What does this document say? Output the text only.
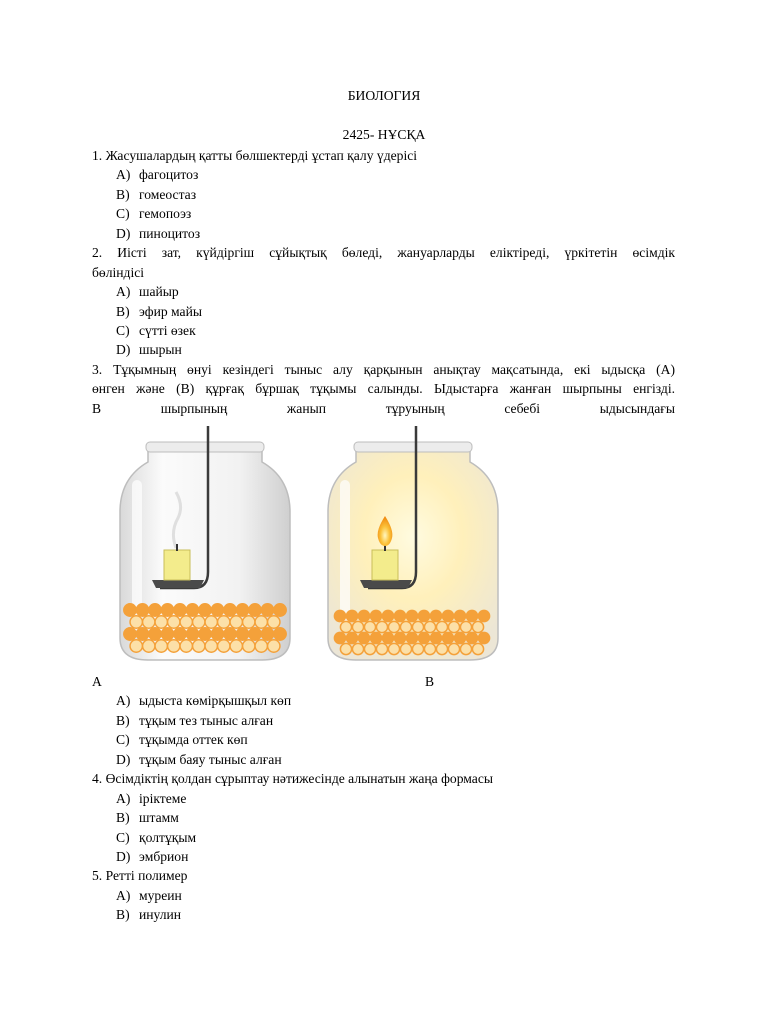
БИОЛОГИЯ
2425- НҰСҚА
1. Жасушалардың қатты бөлшектерді ұстап қалу үдерісі
A) фагоцитоз
B) гомеостаз
C) гемопоэз
D) пиноцитоз
2. Иісті зат, күйдіргіш сұйықтық бөледі, жануарларды еліктіреді, үркітетін өсімдік
бөліндісі
A) шайыр
B) эфир майы
C) сүтті өзек
D) шырын
3. Тұқымның өнуі кезіндегі тыныс алу қарқынын анықтау мақсатында, екі ыдысқа (А)
өнген және (В) құрғақ бұршақ тұқымы салынды. Ыдыстарға жанған шырпыны енгізді.
В шырпының жанып тұруының себебі ыдысындағы
А	В
A) ыдыста көмірқышқыл көп
B) тұқым тез тыныс алған
C) тұқымда оттек көп
D) тұқым баяу тыныс алған
4. Өсімдіктің қолдан сұрыптау нәтижесінде алынатын жаңа формасы
A) іріктеме
B) штамм
C) қолтұқым
D) эмбрион
5. Ретті полимер
A) муреин
B) инулин
